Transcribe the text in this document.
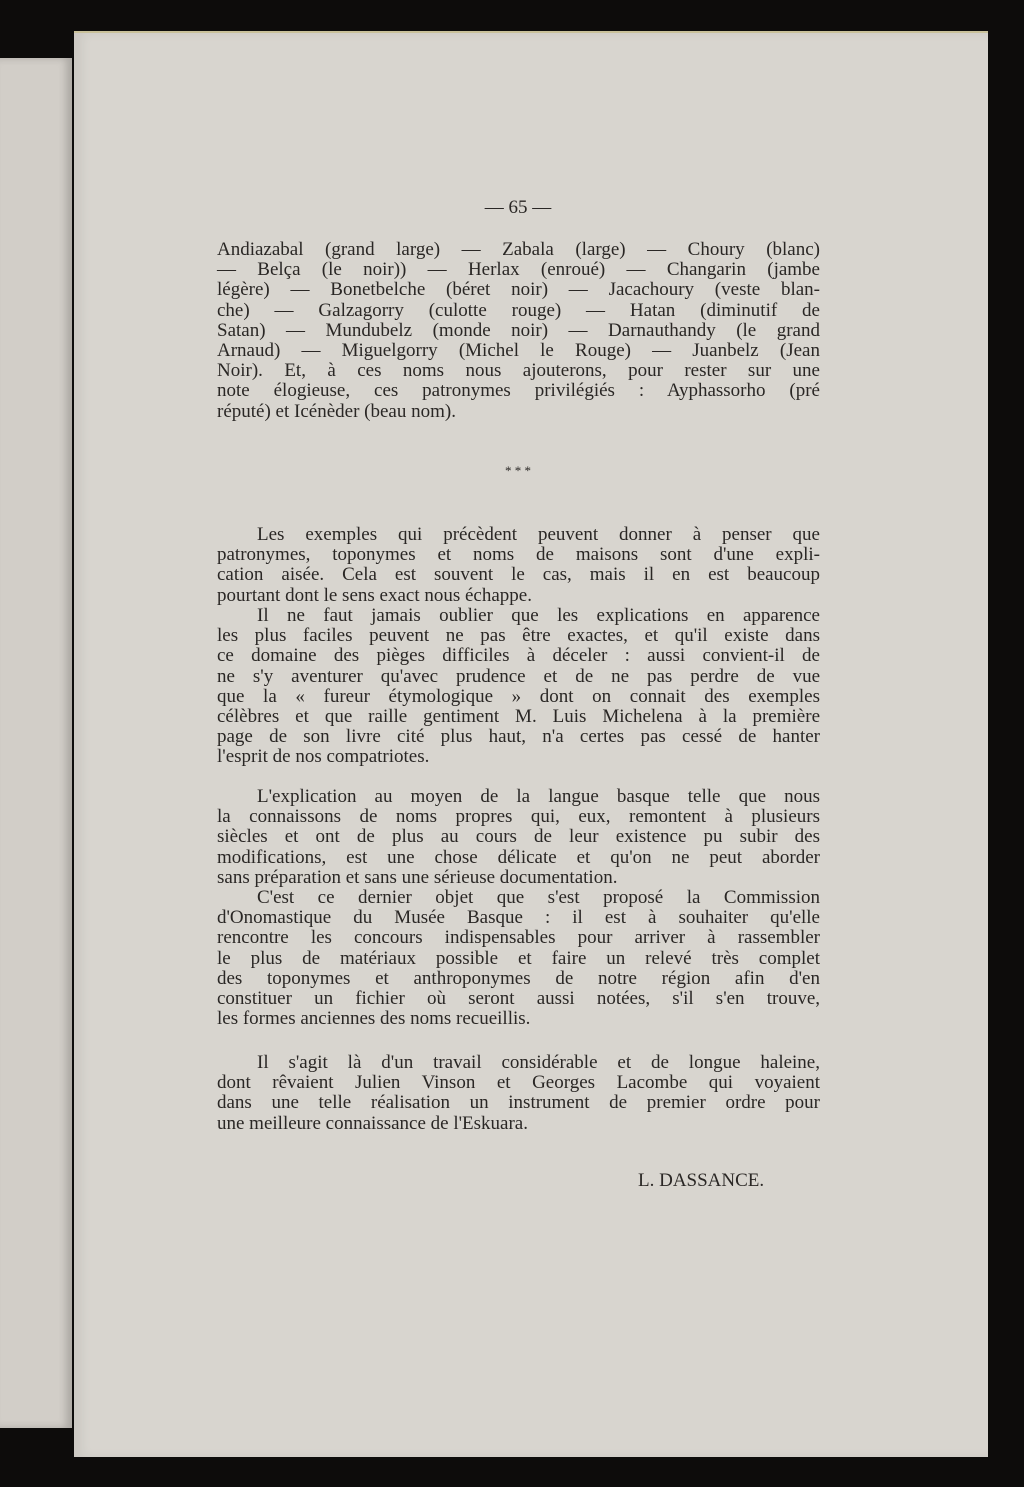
— 65 —
Andiazabal (grand large) — Zabala (large) — Choury (blanc)
— Belça (le noir)) — Herlax (enroué) — Changarin (jambe
légère) — Bonetbelche (béret noir) — Jacachoury (veste blan-
che) — Galzagorry (culotte rouge) — Hatan (diminutif de
Satan) — Mundubelz (monde noir) — Darnauthandy (le grand
Arnaud) — Miguelgorry (Michel le Rouge) — Juanbelz (Jean
Noir). Et, à ces noms nous ajouterons, pour rester sur une
note élogieuse, ces patronymes privilégiés : Ayphassorho (pré
réputé) et Icénèder (beau nom).
* * *
Les exemples qui précèdent peuvent donner à penser que
patronymes, toponymes et noms de maisons sont d'une expli-
cation aisée. Cela est souvent le cas, mais il en est beaucoup
pourtant dont le sens exact nous échappe.
Il ne faut jamais oublier que les explications en apparence
les plus faciles peuvent ne pas être exactes, et qu'il existe dans
ce domaine des pièges difficiles à déceler : aussi convient-il de
ne s'y aventurer qu'avec prudence et de ne pas perdre de vue
que la « fureur étymologique » dont on connait des exemples
célèbres et que raille gentiment M. Luis Michelena à la première
page de son livre cité plus haut, n'a certes pas cessé de hanter
l'esprit de nos compatriotes.
L'explication au moyen de la langue basque telle que nous
la connaissons de noms propres qui, eux, remontent à plusieurs
siècles et ont de plus au cours de leur existence pu subir des
modifications, est une chose délicate et qu'on ne peut aborder
sans préparation et sans une sérieuse documentation.
C'est ce dernier objet que s'est proposé la Commission
d'Onomastique du Musée Basque : il est à souhaiter qu'elle
rencontre les concours indispensables pour arriver à rassembler
le plus de matériaux possible et faire un relevé très complet
des toponymes et anthroponymes de notre région afin d'en
constituer un fichier où seront aussi notées, s'il s'en trouve,
les formes anciennes des noms recueillis.
Il s'agit là d'un travail considérable et de longue haleine,
dont rêvaient Julien Vinson et Georges Lacombe qui voyaient
dans une telle réalisation un instrument de premier ordre pour
une meilleure connaissance de l'Eskuara.
L. DASSANCE.
